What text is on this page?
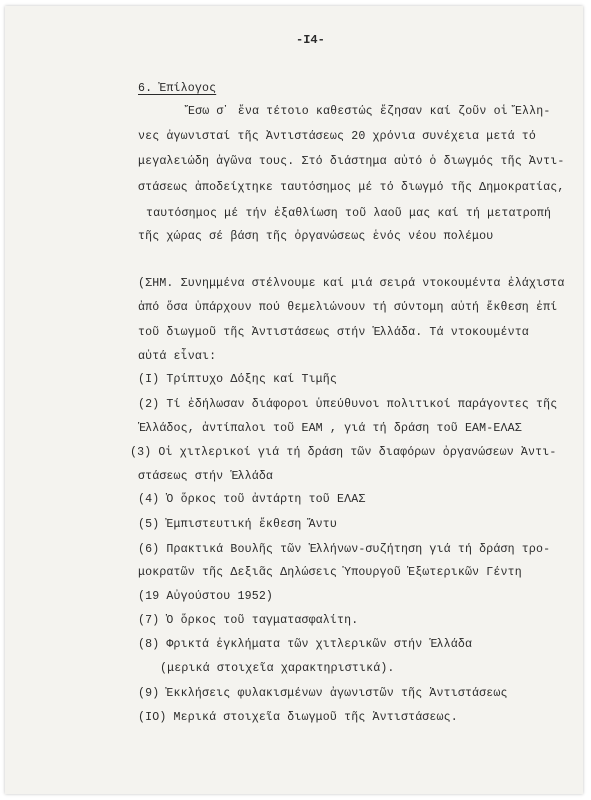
-I4-
6. Ἐπίλογος
Ἔσω σ᾽ ἕνα τέτοιο καθεστώς ἔζησαν καί ζοῦν οἱ Ἕλλη-
νες ἀγωνισταί τῆς Ἀντιστάσεως 20 χρόνια συνέχεια μετά τό
μεγαλειώδη ἀγῶνα τους. Στό διάστημα αὐτό ὁ διωγμός τῆς Ἀντι-
στάσεως ἀποδείχτηκε ταυτόσημος μέ τό διωγμό τῆς Δημοκρατίας,
ταυτόσημος μέ τήν ἐξαθλίωση τοῦ λαοῦ μας καί τή μετατροπή
τῆς χώρας σέ βάση τῆς ὀργανώσεως ἑνός νέου πολέμου
(ΣΗΜ. Συνημμένα στέλνουμε καί μιά σειρά ντοκουμέντα ἐλάχιστα
ἀπό ὅσα ὑπάρχουν πού θεμελιώνουν τή σύντομη αὐτή ἔκθεση ἐπί
τοῦ διωγμοῦ τῆς Ἀντιστάσεως στήν Ἑλλάδα. Τά ντοκουμέντα
αὐτά εἶναι:
(I) Τρίπτυχο Δόξης καί Τιμῆς
(2) Τί ἐδήλωσαν διάφοροι ὑπεύθυνοι πολιτικοί παράγοντες τῆς
Ἑλλάδος, ἀντίπαλοι τοῦ ΕΑΜ , γιά τή δράση τοῦ ΕΑΜ-ΕΛΑΣ
(3) Οἱ χιτλερικοί γιά τή δράση τῶν διαφόρων ὀργανώσεων Ἀντι-
στάσεως στήν Ἑλλάδα
(4) Ὁ ὅρκος τοῦ ἀντάρτη τοῦ ΕΛΑΣ
(5) Ἐμπιστευτική ἔκθεση Ἄντυ
(6) Πρακτικά Βουλῆς τῶν Ἑλλήνων-συζήτηση γιά τή δράση τρο-
μοκρατῶν τῆς Δεξιᾶς Δηλώσεις Ὑπουργοῦ Ἐξωτερικῶν Γέντη
(19 Αὐγούστου 1952)
(7) Ὁ ὅρκος τοῦ ταγματασφαλίτη.
(8) Φρικτά ἐγκλήματα τῶν χιτλερικῶν στήν Ἑλλάδα
(μερικά στοιχεῖα χαρακτηριστικά).
(9) Ἐκκλήσεις φυλακισμένων ἀγωνιστῶν τῆς Ἀντιστάσεως
(IO) Μερικά στοιχεῖα διωγμοῦ τῆς Ἀντιστάσεως.
